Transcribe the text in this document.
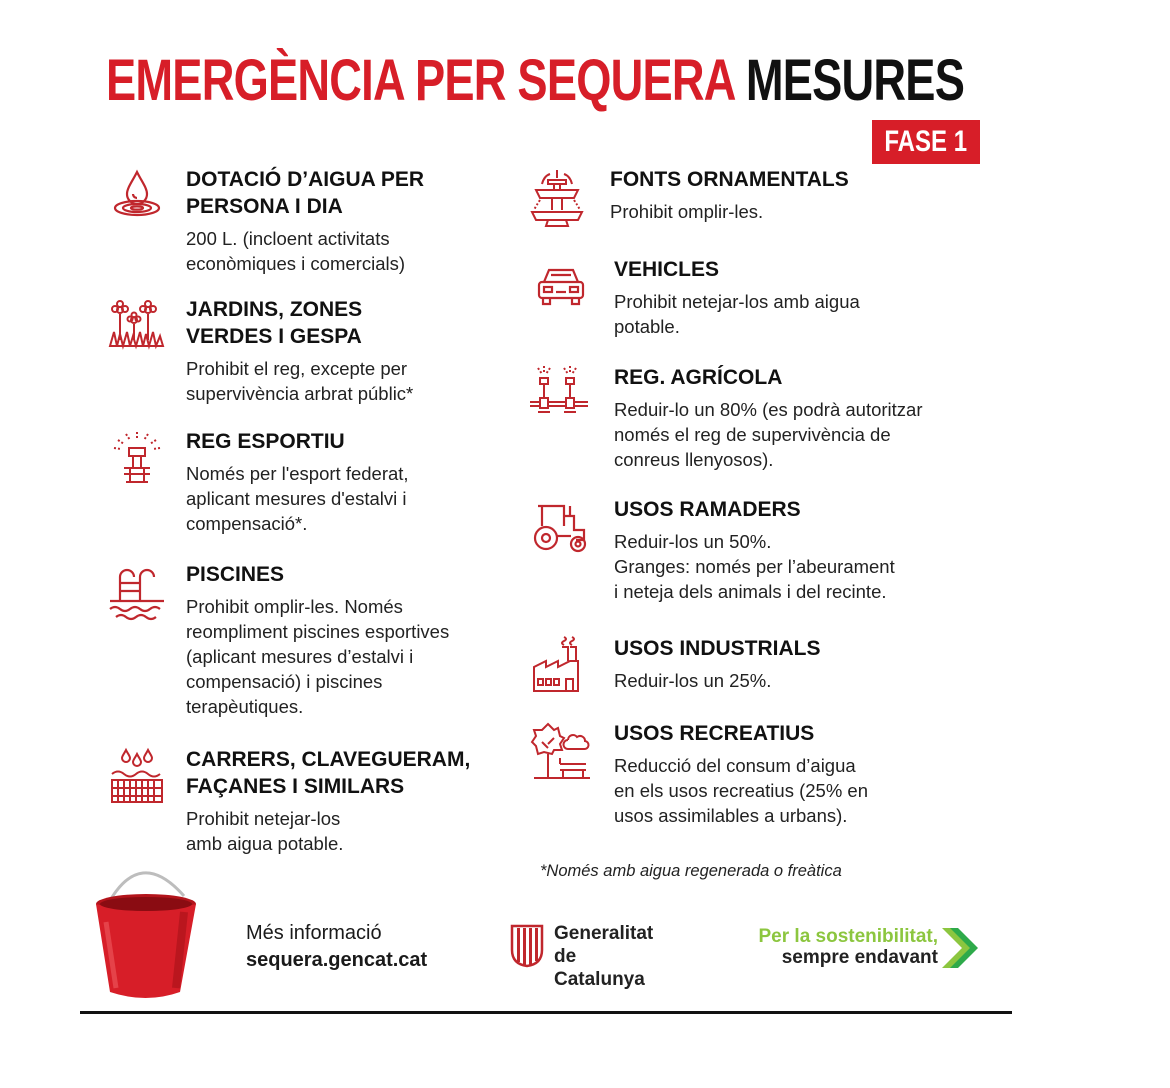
EMERGÈNCIA PER SEQUERA MESURES
FASE 1
DOTACIÓ D’AIGUA PER
PERSONA I DIA

200 L. (incloent activitats
econòmiques i comercials)

JARDINS, ZONES
VERDES I GESPA

Prohibit el reg, excepte per
supervivència arbrat públic*

REG ESPORTIU

Només per l'esport federat,
aplicant mesures d'estalvi i
compensació*.

PISCINES

Prohibit omplir-les. Només
reompliment piscines esportives
(aplicant mesures d’estalvi i
compensació) i piscines
terapèutiques.

CARRERS, CLAVEGUERAM,
FAÇANES I SIMILARS

Prohibit netejar-los
amb aigua potable.

FONTS ORNAMENTALS

Prohibit omplir-les.

VEHICLES

Prohibit netejar-los amb aigua
potable.

REG. AGRÍCOLA

Reduir-lo un 80% (es podrà autoritzar
només el reg de supervivència de
conreus llenyosos).

USOS RAMADERS

Reduir-los un 50%.
Granges: només per l’abeurament
i neteja dels animals i del recinte.

USOS INDUSTRIALS

Reduir-los un 25%.

USOS RECREATIUS

Reducció del consum d’aigua
en els usos recreatius (25% en
usos assimilables a urbans).

*Només amb aigua regenerada o freàtica
Més informació
sequera.gencat.cat
Generalitat
de Catalunya
Per la sostenibilitat,
sempre endavant
